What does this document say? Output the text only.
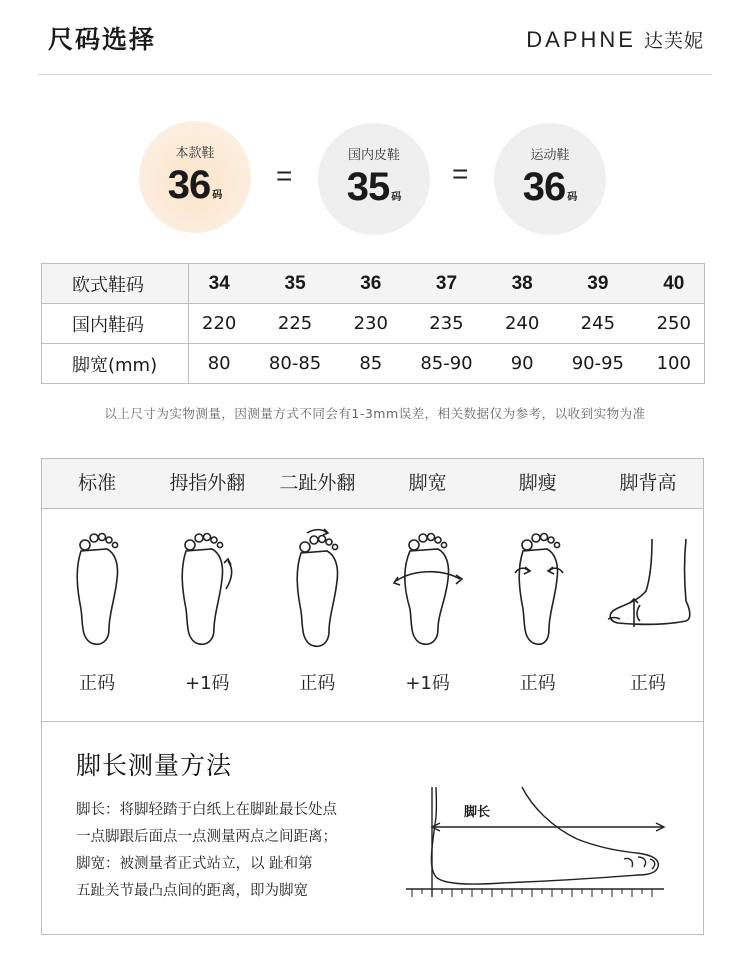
尺码选择	DAPHNE 达芙妮
本款鞋
36 码
=
国内皮鞋
35 码
=
运动鞋
36 码
欧式鞋码	34	35	36	37	38	39	40
国内鞋码	220	225	230	235	240	245	250
脚宽(mm)	80	80-85	85	85-90	90	90-95	100
以上尺寸为实物测量，因测量方式不同会有1-3mm误差，相关数据仅为参考，以收到实物为准
标准	拇指外翻	二趾外翻	脚宽	脚瘦	脚背高
正码	+1码	正码	+1码	正码	正码
脚长测量方法
脚长：将脚轻踏于白纸上在脚趾最长处点
一点脚跟后面点一点测量两点之间距离；
脚宽：被测量者正式站立，以 趾和第
五趾关节最凸点间的距离，即为脚宽
脚长
